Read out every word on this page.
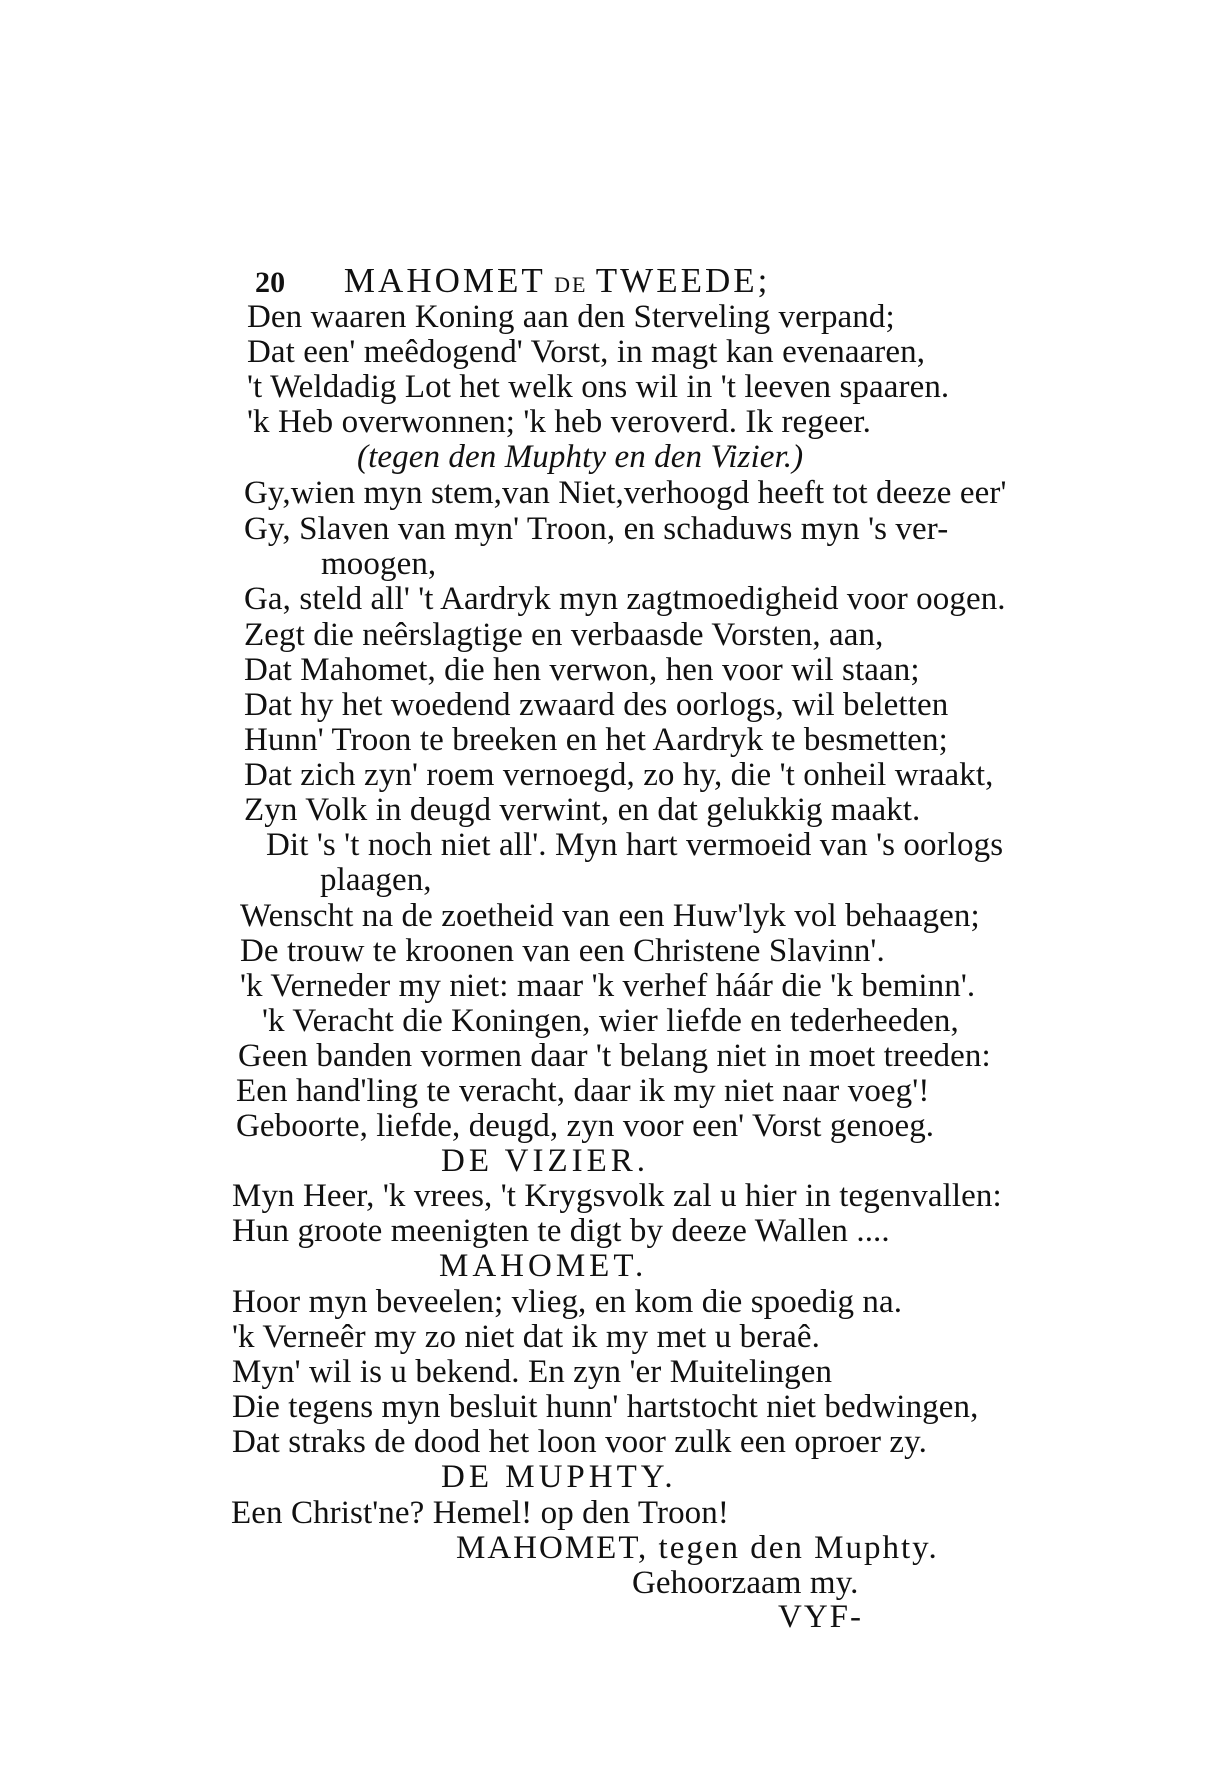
20 MAHOMET DE TWEEDE;
Den waaren Koning aan den Sterveling verpand;
Dat een' meêdogend' Vorst, in magt kan evenaaren,
't Weldadig Lot het welk ons wil in 't leeven spaaren.
'k Heb overwonnen; 'k heb veroverd. Ik regeer.
(tegen den Muphty en den Vizier.)
Gy,wien myn stem,van Niet,verhoogd heeft tot deeze eer'
Gy, Slaven van myn' Troon, en schaduws myn 's ver-
moogen,
Ga, steld all' 't Aardryk myn zagtmoedigheid voor oogen.
Zegt die neêrslagtige en verbaasde Vorsten, aan,
Dat Mahomet, die hen verwon, hen voor wil staan;
Dat hy het woedend zwaard des oorlogs, wil beletten
Hunn' Troon te breeken en het Aardryk te besmetten;
Dat zich zyn' roem vernoegd, zo hy, die 't onheil wraakt,
Zyn Volk in deugd verwint, en dat gelukkig maakt.
Dit 's 't noch niet all'. Myn hart vermoeid van 's oorlogs
plaagen,
Wenscht na de zoetheid van een Huw'lyk vol behaagen;
De trouw te kroonen van een Christene Slavinn'.
'k Verneder my niet: maar 'k verhef háár die 'k beminn'.
'k Veracht die Koningen, wier liefde en tederheeden,
Geen banden vormen daar 't belang niet in moet treeden:
Een hand'ling te veracht, daar ik my niet naar voeg'!
Geboorte, liefde, deugd, zyn voor een' Vorst genoeg.
DE VIZIER.
Myn Heer, 'k vrees, 't Krygsvolk zal u hier in tegenvallen:
Hun groote meenigten te digt by deeze Wallen ....
MAHOMET.
Hoor myn beveelen; vlieg, en kom die spoedig na.
'k Verneêr my zo niet dat ik my met u beraê.
Myn' wil is u bekend. En zyn 'er Muitelingen
Die tegens myn besluit hunn' hartstocht niet bedwingen,
Dat straks de dood het loon voor zulk een oproer zy.
DE MUPHTY.
Een Christ'ne? Hemel! op den Troon!
MAHOMET, tegen den Muphty.
Gehoorzaam my.
VYF-
